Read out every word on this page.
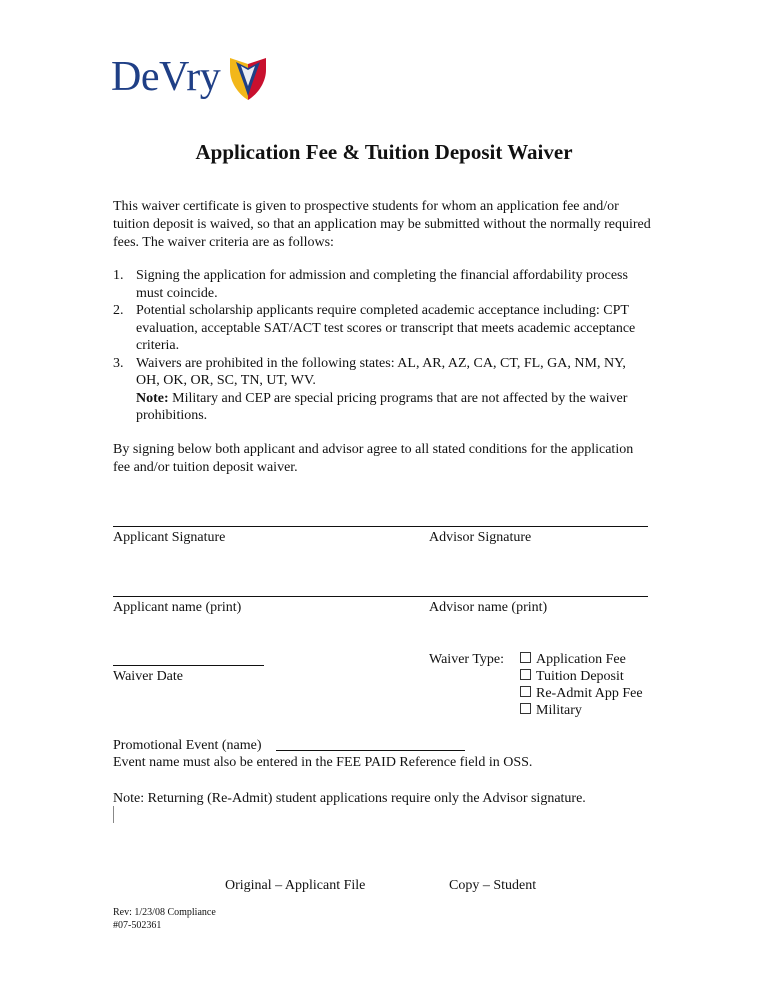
DeVry
Application Fee & Tuition Deposit Waiver
This waiver certificate is given to prospective students for whom an application fee and/or tuition deposit is waived, so that an application may be submitted without the normally required fees. The waiver criteria are as follows:
1. Signing the application for admission and completing the financial affordability process must coincide.
2. Potential scholarship applicants require completed academic acceptance including: CPT evaluation, acceptable SAT/ACT test scores or transcript that meets academic acceptance criteria.
3. Waivers are prohibited in the following states: AL, AR, AZ, CA, CT, FL, GA, NM, NY, OH, OK, OR, SC, TN, UT, WV.
Note: Military and CEP are special pricing programs that are not affected by the waiver prohibitions.
By signing below both applicant and advisor agree to all stated conditions for the application fee and/or tuition deposit waiver.
Applicant Signature	Advisor Signature
Applicant name (print)	Advisor name (print)
Waiver Date
Waiver Type:	Application Fee
Tuition Deposit
Re-Admit App Fee
Military
Promotional Event (name)
Event name must also be entered in the FEE PAID Reference field in OSS.
Note: Returning (Re-Admit) student applications require only the Advisor signature.
Original – Applicant File	Copy – Student
Rev: 1/23/08 Compliance
#07-502361
